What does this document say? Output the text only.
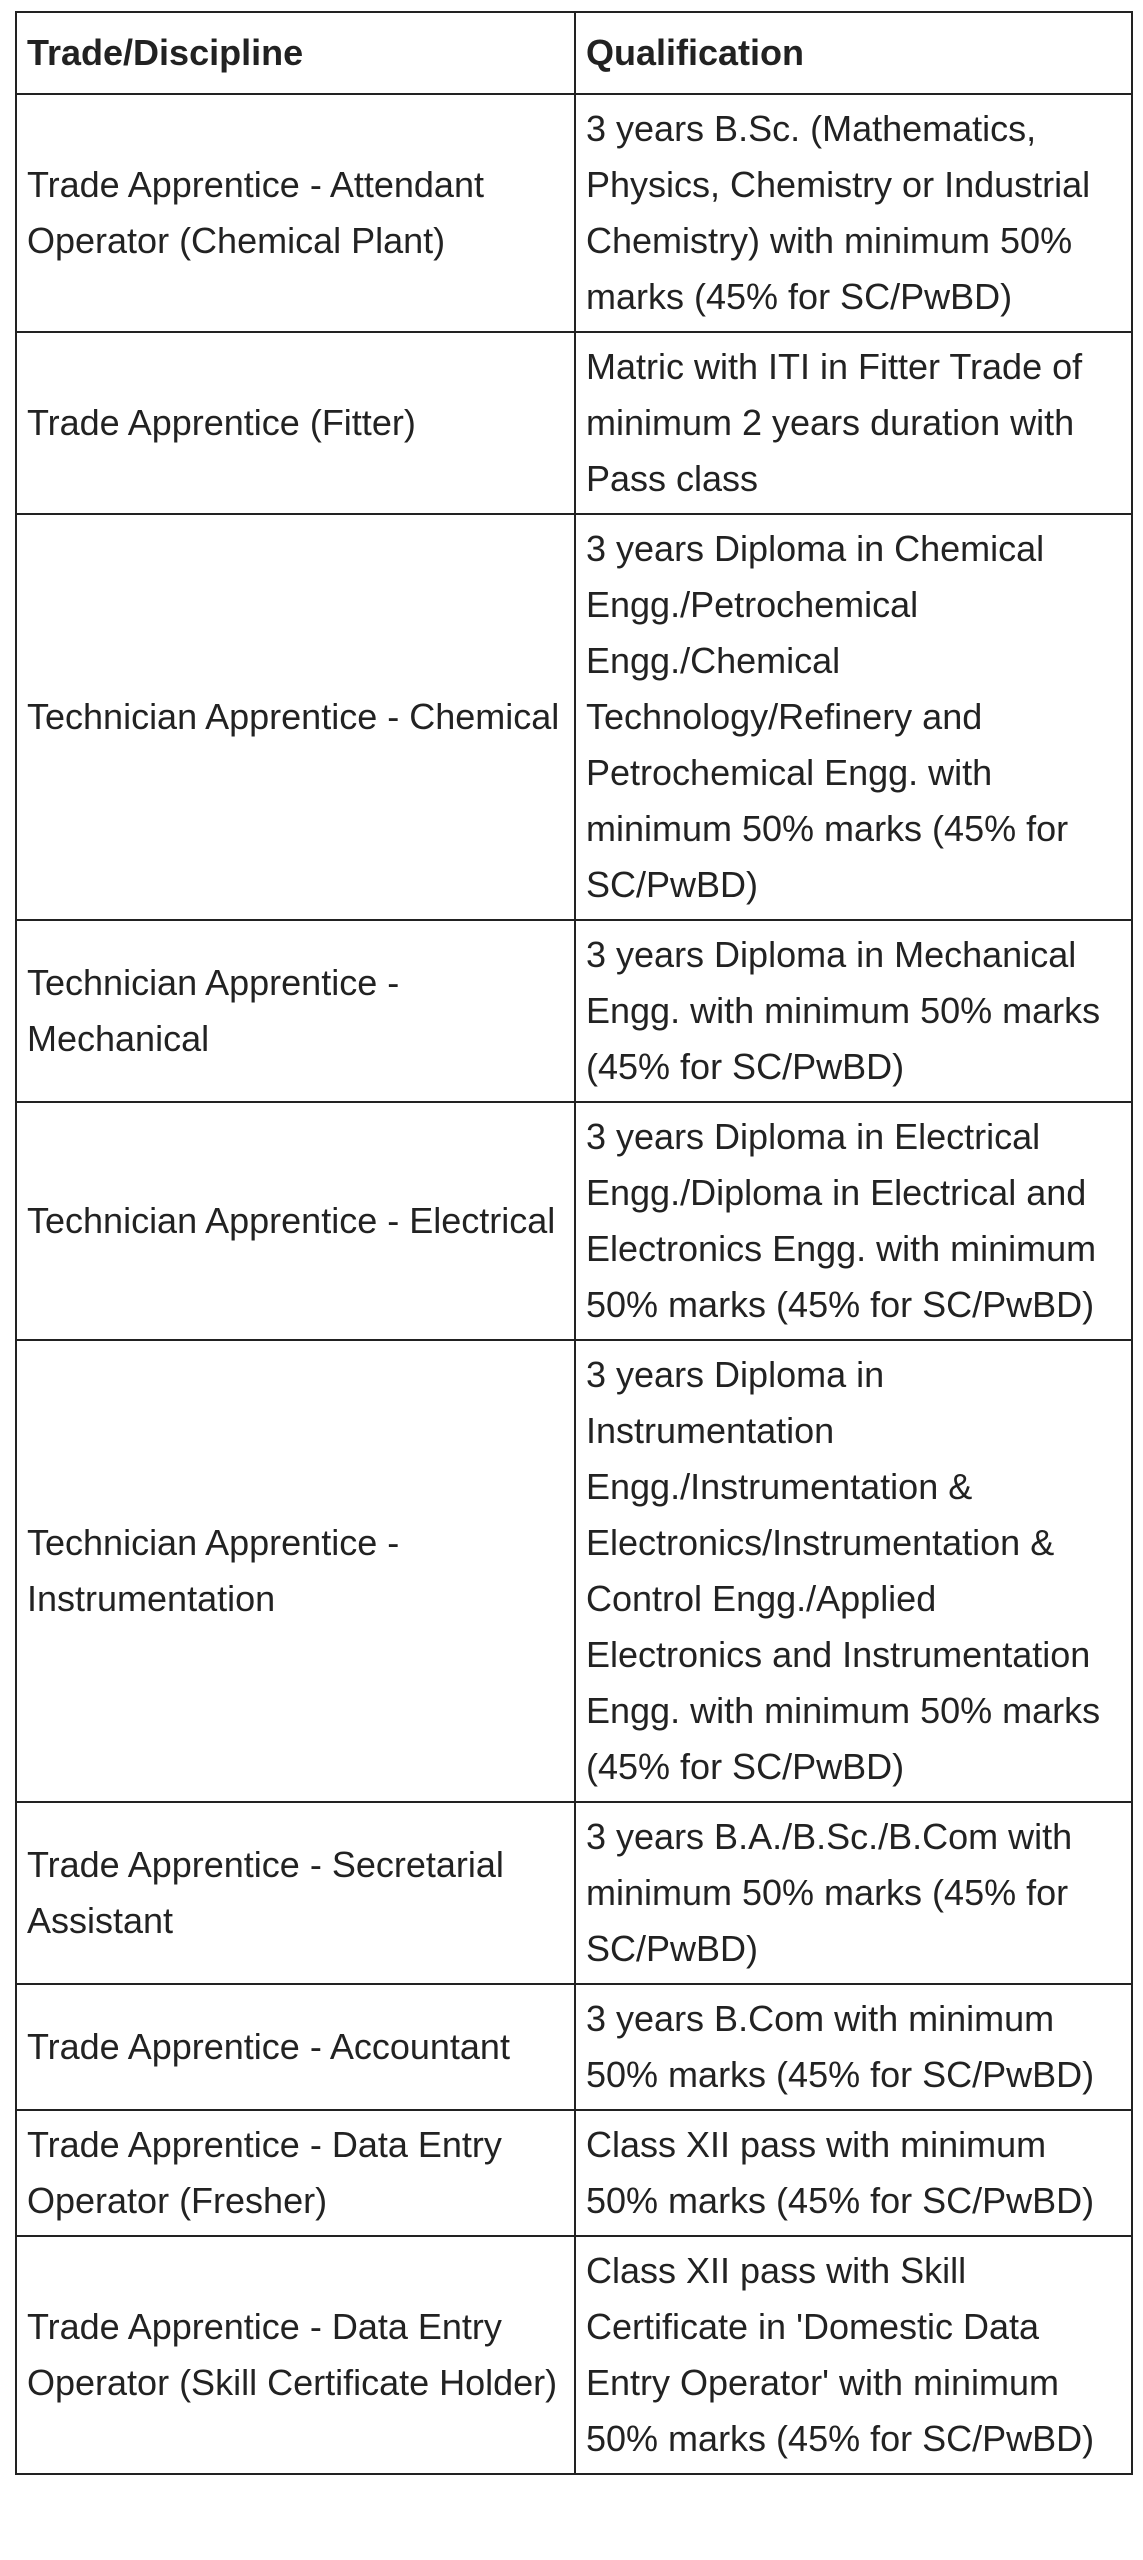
Trade/Discipline	Qualification
Trade Apprentice - Attendant Operator (Chemical Plant)	3 years B.Sc. (Mathematics, Physics, Chemistry or Industrial Chemistry) with minimum 50% marks (45% for SC/PwBD)
Trade Apprentice (Fitter)	Matric with ITI in Fitter Trade of minimum 2 years duration with Pass class
Technician Apprentice - Chemical	3 years Diploma in Chemical Engg./Petrochemical Engg./Chemical Technology/Refinery and Petrochemical Engg. with minimum 50% marks (45% for SC/PwBD)
Technician Apprentice - Mechanical	3 years Diploma in Mechanical Engg. with minimum 50% marks (45% for SC/PwBD)
Technician Apprentice - Electrical	3 years Diploma in Electrical Engg./Diploma in Electrical and Electronics Engg. with minimum 50% marks (45% for SC/PwBD)
Technician Apprentice - Instrumentation	3 years Diploma in Instrumentation Engg./Instrumentation & Electronics/Instrumentation & Control Engg./Applied Electronics and Instrumentation Engg. with minimum 50% marks (45% for SC/PwBD)
Trade Apprentice - Secretarial Assistant	3 years B.A./B.Sc./B.Com with minimum 50% marks (45% for SC/PwBD)
Trade Apprentice - Accountant	3 years B.Com with minimum 50% marks (45% for SC/PwBD)
Trade Apprentice - Data Entry Operator (Fresher)	Class XII pass with minimum 50% marks (45% for SC/PwBD)
Trade Apprentice - Data Entry Operator (Skill Certificate Holder)	Class XII pass with Skill Certificate in 'Domestic Data Entry Operator' with minimum 50% marks (45% for SC/PwBD)
